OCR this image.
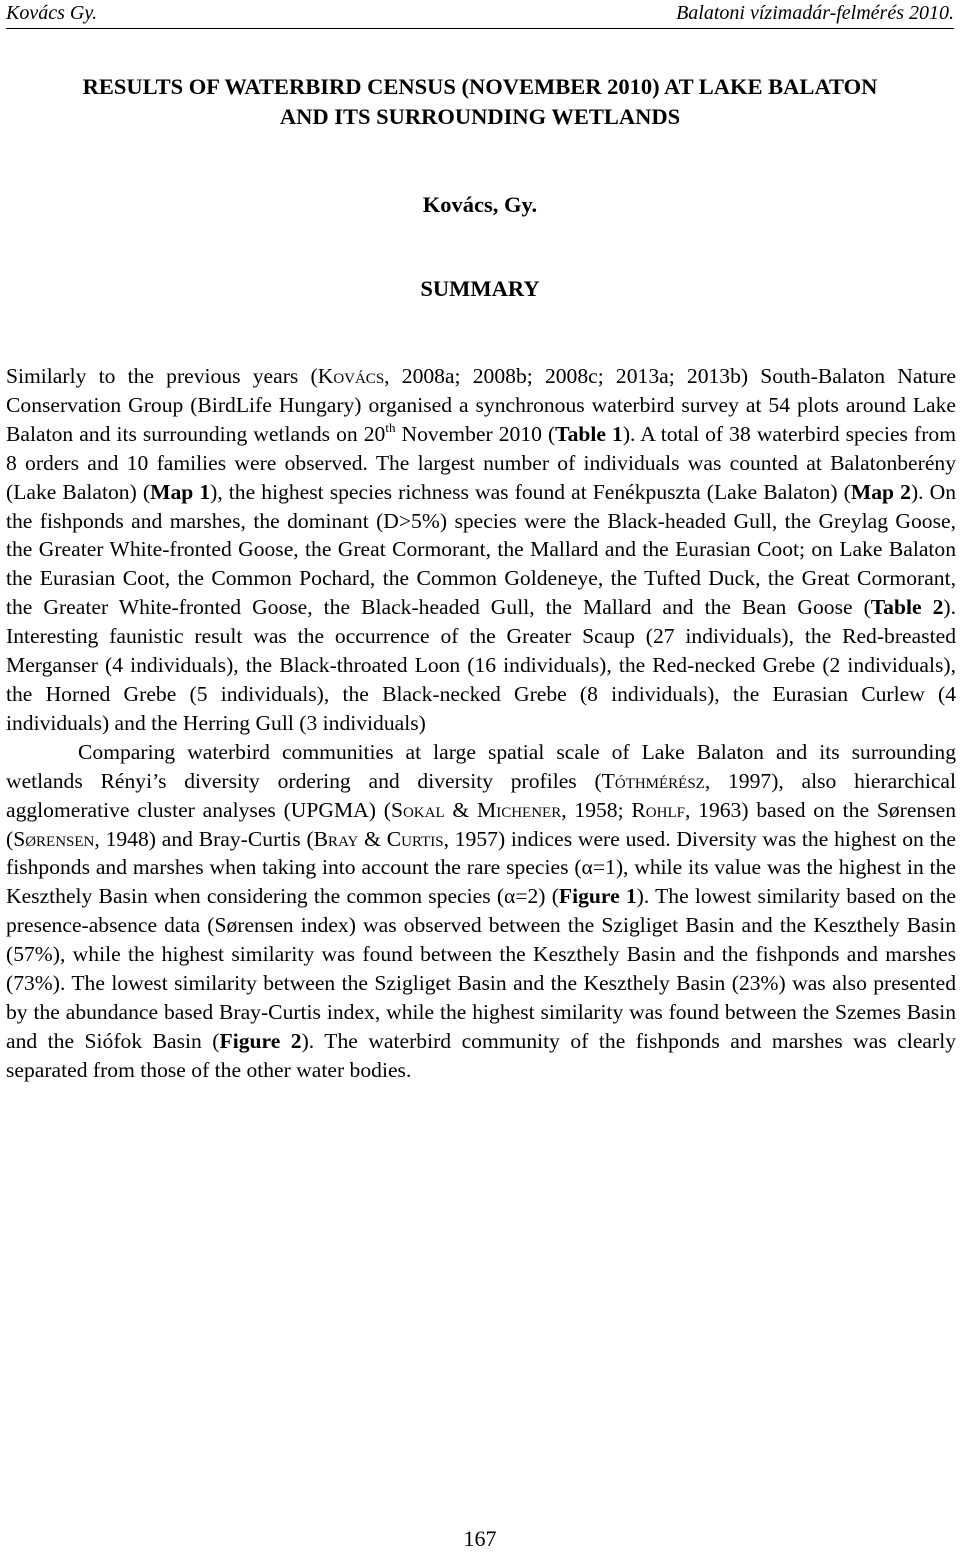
Kovács Gy.	Balatoni vízimadár-felmérés 2010.
RESULTS OF WATERBIRD CENSUS (NOVEMBER 2010) AT LAKE BALATON
AND ITS SURROUNDING WETLANDS
Kovács, Gy.
SUMMARY

Similarly to the previous years (Kovács, 2008a; 2008b; 2008c; 2013a; 2013b) South-Balaton Nature Conservation Group (BirdLife Hungary) organised a synchronous waterbird survey at 54 plots around Lake Balaton and its surrounding wetlands on 20th November 2010 (Table 1). A total of 38 waterbird species from 8 orders and 10 families were observed. The largest number of individuals was counted at Balatonberény (Lake Balaton) (Map 1), the highest species richness was found at Fenékpuszta (Lake Balaton) (Map 2). On the fishponds and marshes, the dominant (D>5%) species were the Black-headed Gull, the Greylag Goose, the Greater White-fronted Goose, the Great Cormorant, the Mallard and the Eurasian Coot; on Lake Balaton the Eurasian Coot, the Common Pochard, the Common Goldeneye, the Tufted Duck, the Great Cormorant, the Greater White-fronted Goose, the Black-headed Gull, the Mallard and the Bean Goose (Table 2). Interesting faunistic result was the occurrence of the Greater Scaup (27 individuals), the Red-breasted Merganser (4 individuals), the Black-throated Loon (16 individuals), the Red-necked Grebe (2 individuals), the Horned Grebe (5 individuals), the Black-necked Grebe (8 individuals), the Eurasian Curlew (4 individuals) and the Herring Gull (3 individuals)

Comparing waterbird communities at large spatial scale of Lake Balaton and its surrounding wetlands Rényi’s diversity ordering and diversity profiles (Tóthmérész, 1997), also hierarchical agglomerative cluster analyses (UPGMA) (Sokal & Michener, 1958; Rohlf, 1963) based on the Sørensen (Sørensen, 1948) and Bray-Curtis (Bray & Curtis, 1957) indices were used. Diversity was the highest on the fishponds and marshes when taking into account the rare species (α=1), while its value was the highest in the Keszthely Basin when considering the common species (α=2) (Figure 1). The lowest similarity based on the presence-absence data (Sørensen index) was observed between the Szigliget Basin and the Keszthely Basin (57%), while the highest similarity was found between the Keszthely Basin and the fishponds and marshes (73%). The lowest similarity between the Szigliget Basin and the Keszthely Basin (23%) was also presented by the abundance based Bray-Curtis index, while the highest similarity was found between the Szemes Basin and the Siófok Basin (Figure 2). The waterbird community of the fishponds and marshes was clearly separated from those of the other water bodies.

167
